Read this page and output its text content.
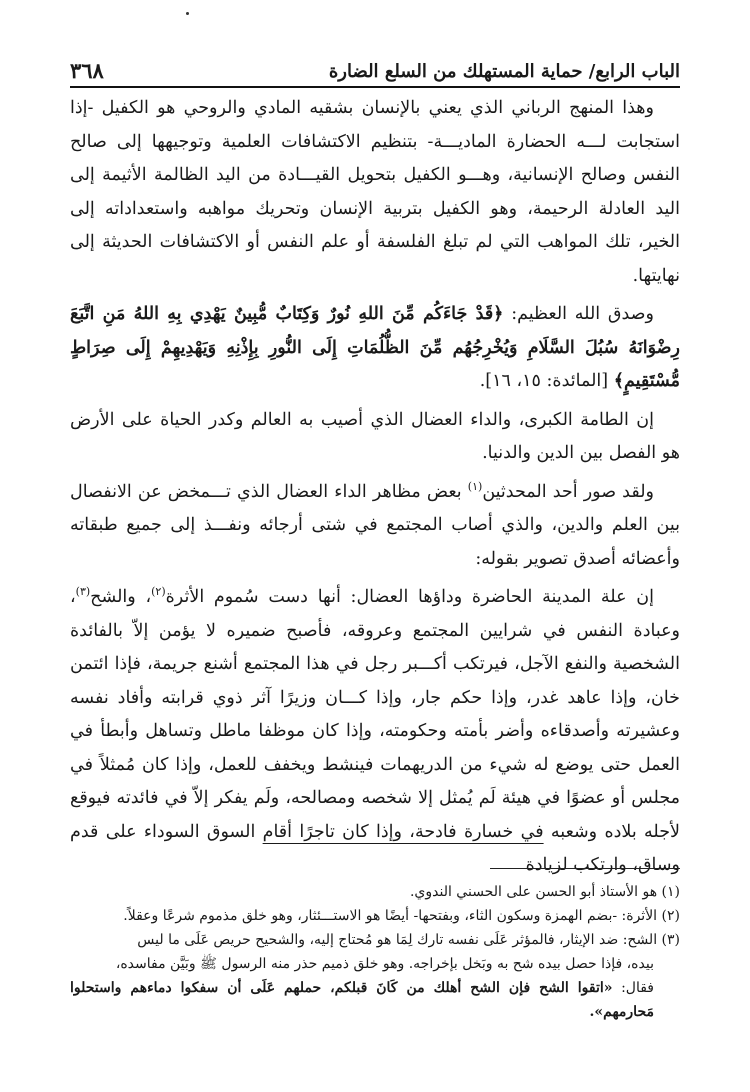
٣٦٨	الباب الرابع/ حماية المستهلك من السلع الضارة

وهذا المنهج الرباني الذي يعني بالإنسان بشقيه المادي والروحي هو الكفيل -إذا استجابت لـــه الحضارة الماديـــة- بتنظيم الاكتشافات العلمية وتوجيهها إلى صالح النفس وصالح الإنسانية، وهـــو الكفيل بتحويل القيـــادة من اليد الظالمة الأثيمة إلى اليد العادلة الرحيمة، وهو الكفيل بتربية الإنسان وتحريك مواهبه واستعداداته إلى الخير، تلك المواهب التي لم تبلغ الفلسفة أو علم النفس أو الاكتشافات الحديثة إلى نهايتها.

وصدق الله العظيم: ﴿قَدْ جَاءَكُم مِّنَ اللهِ نُورٌ وَكِتَابٌ مُّبِينٌ يَهْدِي بِهِ اللهُ مَنِ اتَّبَعَ رِضْوَانَهُ سُبُلَ السَّلَامِ وَيُخْرِجُهُم مِّنَ الظُّلُمَاتِ إِلَى النُّورِ بِإِذْنِهِ وَيَهْدِيهِمْ إِلَى صِرَاطٍ مُّسْتَقِيمٍ﴾ [المائدة: ١٥، ١٦].

إن الطامة الكبرى، والداء العضال الذي أصيب به العالم وكدر الحياة على الأرض هو الفصل بين الدين والدنيا.

ولقد صور أحد المحدثين$^{(١)}$ بعض مظاهر الداء العضال الذي تـــمخض عن الانفصال بين العلم والدين، والذي أصاب المجتمع في شتى أرجائه ونفـــذ إلى جميع طبقاته وأعضائه أصدق تصوير بقوله:

إن علة المدينة الحاضرة وداؤها العضال: أنها دست سُموم الأثرة$^{(٢)}$، والشح$^{(٣)}$، وعبادة النفس في شرايين المجتمع وعروقه، فأصبح ضميره لا يؤمن إلاّ بالفائدة الشخصية والنفع الآجل، فيرتكب أكـــبر رجل في هذا المجتمع أشنع جريمة، فإذا ائتمن خان، وإذا عاهد غدر، وإذا حكم جار، وإذا كـــان وزيرًا آثر ذوي قرابته وأفاد نفسه وعشيرته وأصدقاءه وأضر بأمته وحكومته، وإذا كان موظفا ماطل وتساهل وأبطأ في العمل حتى يوضع له شيء من الدريهمات فينشط ويخفف للعمل، وإذا كان مُمثلاً في مجلس أو عضوًا في هيئة لَم يُمثل إلا شخصه ومصالحه، ولَم يفكر إلاّ في فائدته فيوقع لأجله بلاده وشعبه في خسارة فادحة، وإذا كان تاجرًا أقام السوق السوداء على قدم وساق، وارتكب لزيادة

(١) هو الأستاذ أبو الحسن على الحسني الندوي.

(٢) الأثرة: -بضم الهمزة وسكون الثاء، وبفتحها- أيضًا هو الاستـــئثار، وهو خلق مذموم شرعًا وعقلاً.

(٣) الشح: ضد الإيثار، فالمؤثر عَلَى نفسه تارك لِمَا هو مُحتاج إليه، والشحيح حريص عَلَى ما ليس

بيده، فإذا حصل بيده شح به وبَخل بإخراجه. وهو خلق ذميم حذر منه الرسول ﷺ وبَيَّن مفاسده،

فقال: «اتقوا الشح فإن الشح أهلك من كَانَ قبلكم، حملهم عَلَى أن سفكوا دماءهم واستحلوا مَحارمهم».
